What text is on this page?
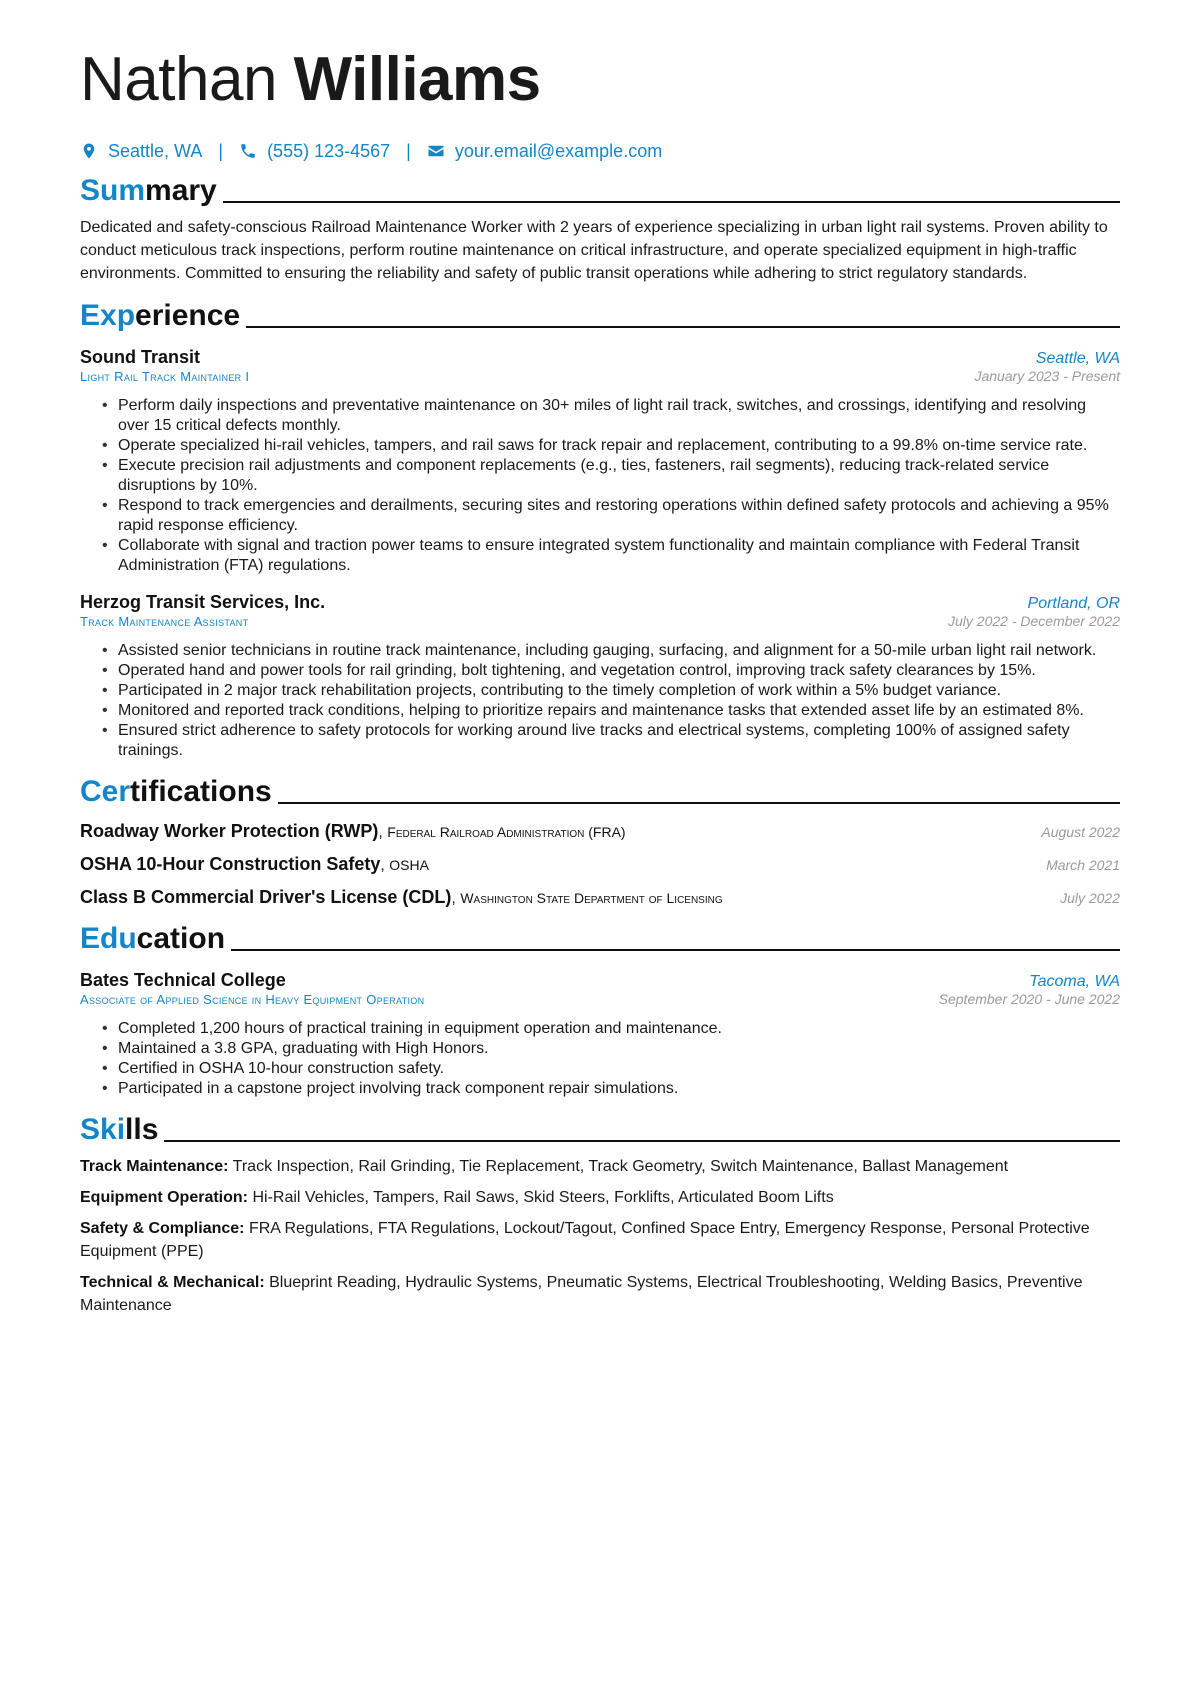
Nathan Williams
Seattle, WA | (555) 123-4567 | your.email@example.com
Summary

Dedicated and safety-conscious Railroad Maintenance Worker with 2 years of experience specializing in urban light rail systems. Proven ability to conduct meticulous track inspections, perform routine maintenance on critical infrastructure, and operate specialized equipment in high-traffic environments. Committed to ensuring the reliability and safety of public transit operations while adhering to strict regulatory standards.

Experience
Sound Transit	Seattle, WA
Light Rail Track Maintainer I	January 2023 - Present
• Perform daily inspections and preventative maintenance on 30+ miles of light rail track, switches, and crossings, identifying and resolving over 15 critical defects monthly.
• Operate specialized hi-rail vehicles, tampers, and rail saws for track repair and replacement, contributing to a 99.8% on-time service rate.
• Execute precision rail adjustments and component replacements (e.g., ties, fasteners, rail segments), reducing track-related service disruptions by 10%.
• Respond to track emergencies and derailments, securing sites and restoring operations within defined safety protocols and achieving a 95% rapid response efficiency.
• Collaborate with signal and traction power teams to ensure integrated system functionality and maintain compliance with Federal Transit Administration (FTA) regulations.
Herzog Transit Services, Inc.	Portland, OR
Track Maintenance Assistant	July 2022 - December 2022
• Assisted senior technicians in routine track maintenance, including gauging, surfacing, and alignment for a 50-mile urban light rail network.
• Operated hand and power tools for rail grinding, bolt tightening, and vegetation control, improving track safety clearances by 15%.
• Participated in 2 major track rehabilitation projects, contributing to the timely completion of work within a 5% budget variance.
• Monitored and reported track conditions, helping to prioritize repairs and maintenance tasks that extended asset life by an estimated 8%.
• Ensured strict adherence to safety protocols for working around live tracks and electrical systems, completing 100% of assigned safety trainings.
Certifications
Roadway Worker Protection (RWP), Federal Railroad Administration (FRA)	August 2022
OSHA 10-Hour Construction Safety, OSHA	March 2021
Class B Commercial Driver's License (CDL), Washington State Department of Licensing	July 2022
Education
Bates Technical College	Tacoma, WA
Associate of Applied Science in Heavy Equipment Operation	September 2020 - June 2022
• Completed 1,200 hours of practical training in equipment operation and maintenance.
• Maintained a 3.8 GPA, graduating with High Honors.
• Certified in OSHA 10-hour construction safety.
• Participated in a capstone project involving track component repair simulations.
Skills
Track Maintenance: Track Inspection, Rail Grinding, Tie Replacement, Track Geometry, Switch Maintenance, Ballast Management
Equipment Operation: Hi-Rail Vehicles, Tampers, Rail Saws, Skid Steers, Forklifts, Articulated Boom Lifts
Safety & Compliance: FRA Regulations, FTA Regulations, Lockout/Tagout, Confined Space Entry, Emergency Response, Personal Protective Equipment (PPE)
Technical & Mechanical: Blueprint Reading, Hydraulic Systems, Pneumatic Systems, Electrical Troubleshooting, Welding Basics, Preventive Maintenance
